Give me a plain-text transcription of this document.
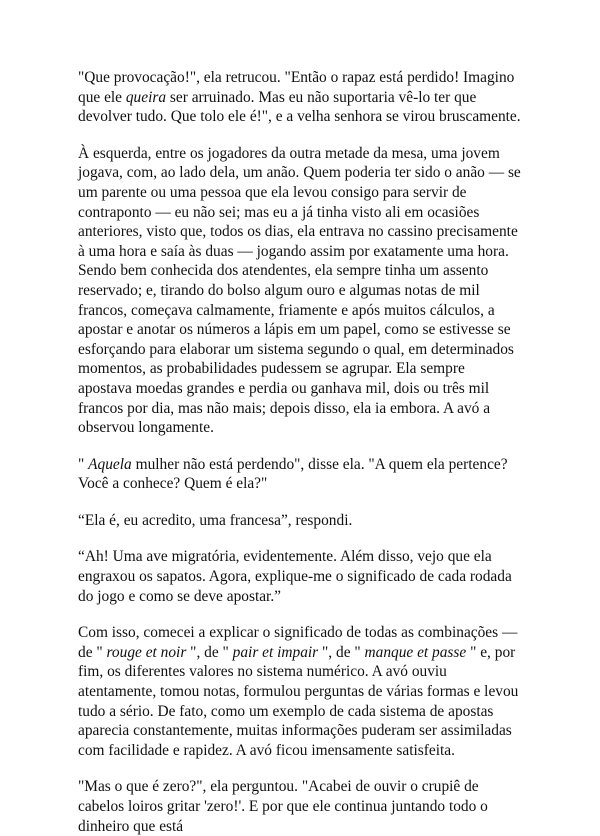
"Que provocação!", ela retrucou. "Então o rapaz está perdido! Imagino que ele queira ser arruinado. Mas eu não suportaria vê-lo ter que devolver tudo. Que tolo ele é!", e a velha senhora se virou bruscamente.

À esquerda, entre os jogadores da outra metade da mesa, uma jovem jogava, com, ao lado dela, um anão. Quem poderia ter sido o anão — se um parente ou uma pessoa que ela levou consigo para servir de contraponto — eu não sei; mas eu a já tinha visto ali em ocasiões anteriores, visto que, todos os dias, ela entrava no cassino precisamente à uma hora e saía às duas — jogando assim por exatamente uma hora. Sendo bem conhecida dos atendentes, ela sempre tinha um assento reservado; e, tirando do bolso algum ouro e algumas notas de mil francos, começava calmamente, friamente e após muitos cálculos, a apostar e anotar os números a lápis em um papel, como se estivesse se esforçando para elaborar um sistema segundo o qual, em determinados momentos, as probabilidades pudessem se agrupar. Ela sempre apostava moedas grandes e perdia ou ganhava mil, dois ou três mil francos por dia, mas não mais; depois disso, ela ia embora. A avó a observou longamente.

" Aquela mulher não está perdendo", disse ela. "A quem ela pertence? Você a conhece? Quem é ela?"

“Ela é, eu acredito, uma francesa”, respondi.

“Ah! Uma ave migratória, evidentemente. Além disso, vejo que ela engraxou os sapatos. Agora, explique-me o significado de cada rodada do jogo e como se deve apostar.”

Com isso, comecei a explicar o significado de todas as combinações — de " rouge et noir ", de " pair et impair ", de " manque et passe " e, por fim, os diferentes valores no sistema numérico. A avó ouviu atentamente, tomou notas, formulou perguntas de várias formas e levou tudo a sério. De fato, como um exemplo de cada sistema de apostas aparecia constantemente, muitas informações puderam ser assimiladas com facilidade e rapidez. A avó ficou imensamente satisfeita.

"Mas o que é zero?", ela perguntou. "Acabei de ouvir o crupiê de cabelos loiros gritar 'zero!'. E por que ele continua juntando todo o dinheiro que está
